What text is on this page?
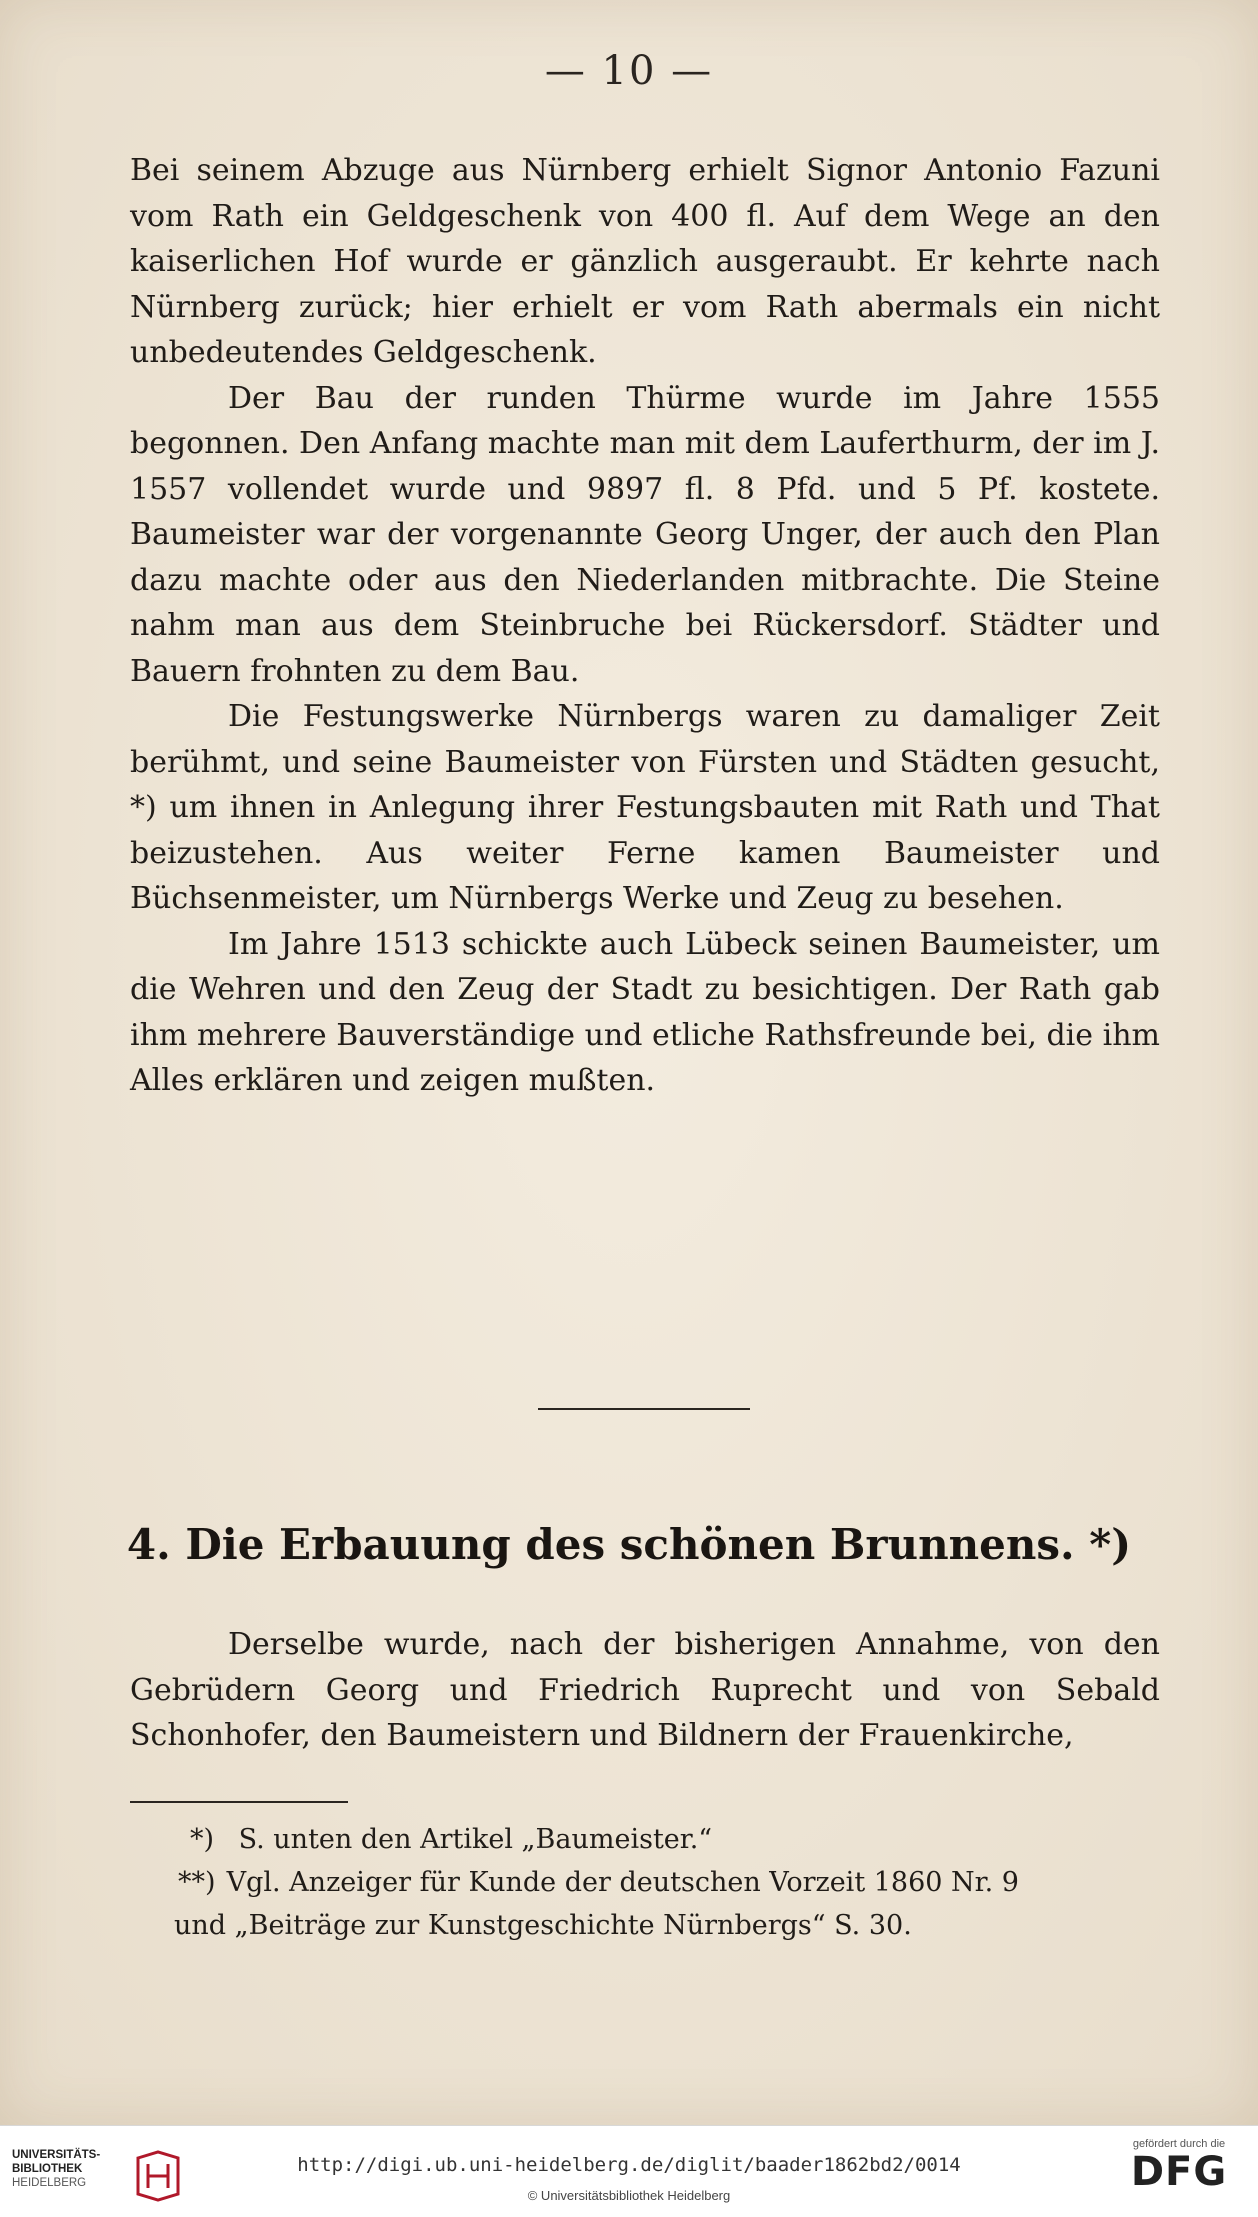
— 10 —

Bei seinem Abzuge aus Nürnberg erhielt Signor Antonio Fazuni vom Rath ein Geldgeschenk von 400 fl. Auf dem Wege an den kaiserlichen Hof wurde er gänzlich ausgeraubt. Er kehrte nach Nürnberg zurück; hier erhielt er vom Rath abermals ein nicht unbedeutendes Geldgeschenk.

Der Bau der runden Thürme wurde im Jahre 1555 begonnen. Den Anfang machte man mit dem Lauferthurm, der im J. 1557 vollendet wurde und 9897 fl. 8 Pfd. und 5 Pf. kostete. Baumeister war der vorgenannte Georg Unger, der auch den Plan dazu machte oder aus den Niederlanden mitbrachte. Die Steine nahm man aus dem Steinbruche bei Rückersdorf. Städter und Bauern frohnten zu dem Bau.

Die Festungswerke Nürnbergs waren zu damaliger Zeit berühmt, und seine Baumeister von Fürsten und Städten gesucht, *) um ihnen in Anlegung ihrer Festungsbauten mit Rath und That beizustehen. Aus weiter Ferne kamen Baumeister und Büchsenmeister, um Nürnbergs Werke und Zeug zu besehen.

Im Jahre 1513 schickte auch Lübeck seinen Baumeister, um die Wehren und den Zeug der Stadt zu besichtigen. Der Rath gab ihm mehrere Bauverständige und etliche Rathsfreunde bei, die ihm Alles erklären und zeigen mußten.

4. Die Erbauung des schönen Brunnens. *)

Derselbe wurde, nach der bisherigen Annahme, von den Gebrüdern Georg und Friedrich Ruprecht und von Sebald Schonhofer, den Baumeistern und Bildnern der Frauenkirche,

*) S. unten den Artikel „Baumeister.“

**) Vgl. Anzeiger für Kunde der deutschen Vorzeit 1860 Nr. 9

und „Beiträge zur Kunstgeschichte Nürnbergs“ S. 30.

UNIVERSITÄTS-
BIBLIOTHEK
HEIDELBERG
http://digi.ub.uni-heidelberg.de/diglit/baader1862bd2/0014
© Universitätsbibliothek Heidelberg
gefördert durch die
DFG
